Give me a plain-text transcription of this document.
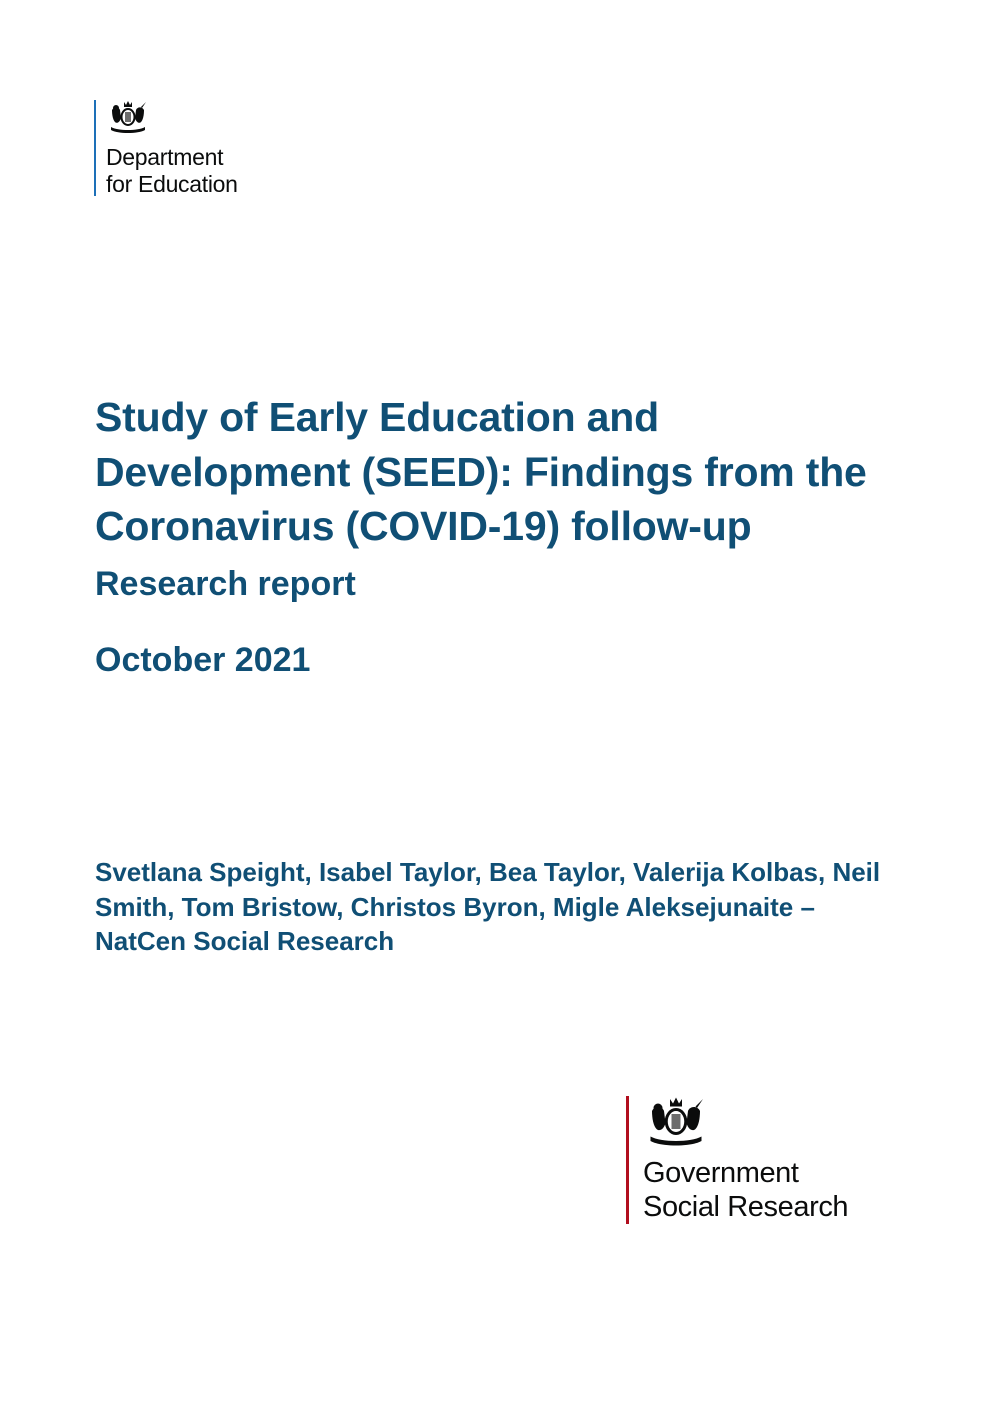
Department
for Education
Study of Early Education and Development (SEED): Findings from the Coronavirus (COVID-19) follow-up
Research report
October 2021

Svetlana Speight, Isabel Taylor, Bea Taylor, Valerija Kolbas, Neil Smith, Tom Bristow, Christos Byron, Migle Aleksejunaite – NatCen Social Research

Government
Social Research
